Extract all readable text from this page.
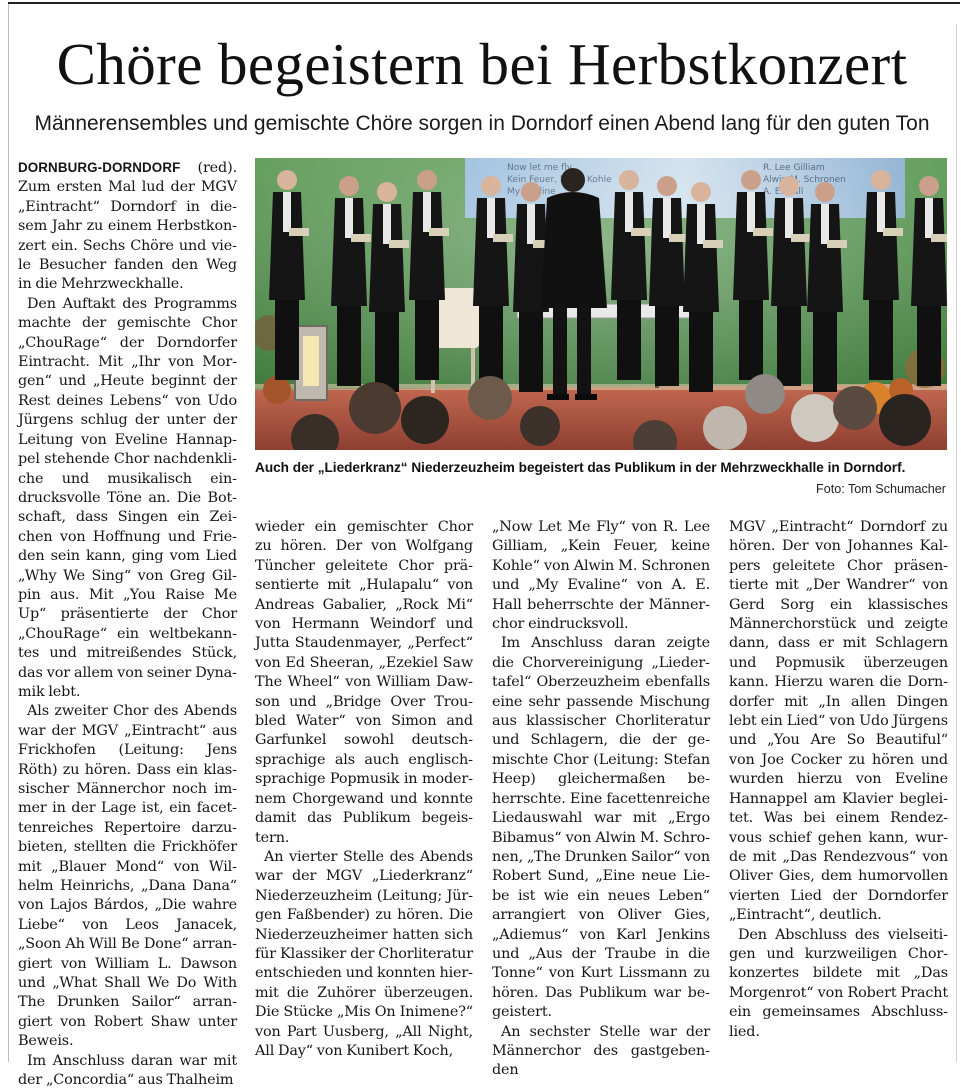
Chöre begeistern bei Herbstkonzert
Männerensembles und gemischte Chöre sorgen in Dorndorf einen Abend lang für den guten Ton

DORNBURG-DORNDORF (red). Zum ersten Mal lud der MGV „Eintracht“ Dorndorf in diesem Jahr zu einem Herbstkonzert ein. Sechs Chöre und viele Besucher fanden den Weg in die Mehrzweckhalle.

Den Auftakt des Programms machte der gemischte Chor „ChouRage“ der Dorndorfer Eintracht. Mit „Ihr von Morgen“ und „Heute beginnt der Rest deines Lebens“ von Udo Jürgens schlug der unter der Leitung von Eveline Hannappel stehende Chor nachdenkliche und musikalisch eindrucksvolle Töne an. Die Botschaft, dass Singen ein Zeichen von Hoffnung und Frieden sein kann, ging vom Lied „Why We Sing“ von Greg Gilpin aus. Mit „You Raise Me Up“ präsentierte der Chor „ChouRage“ ein weltbekanntes und mitreißendes Stück, das vor allem von seiner Dynamik lebt.

Als zweiter Chor des Abends war der MGV „Eintracht“ aus Frickhofen (Leitung: Jens Röth) zu hören. Dass ein klassischer Männerchor noch immer in der Lage ist, ein facettenreiches Repertoire darzubieten, stellten die Frickhöfer mit „Blauer Mond“ von Wilhelm Heinrichs, „Dana Dana“ von Lajos Bárdos, „Die wahre Liebe“ von Leos Janacek, „Soon Ah Will Be Done“ arrangiert von William L. Dawson und „What Shall We Do With The Drunken Sailor“ arrangiert von Robert Shaw unter Beweis.

Im Anschluss daran war mit der „Concordia“ aus Thalheim

Auch der „Liederkranz“ Niederzeuzheim begeistert das Publikum in der Mehrzweckhalle in Dorndorf.
Foto: Tom Schumacher

wieder ein gemischter Chor zu hören. Der von Wolfgang Tüncher geleitete Chor präsentierte mit „Hulapalu“ von Andreas Gabalier, „Rock Mi“ von Hermann Weindorf und Jutta Staudenmayer, „Perfect“ von Ed Sheeran, „Ezekiel Saw The Wheel“ von William Dawson und „Bridge Over Troubled Water“ von Simon and Garfunkel sowohl deutschsprachige als auch englischsprachige Popmusik in modernem Chorgewand und konnte damit das Publikum begeistern.

An vierter Stelle des Abends war der MGV „Liederkranz“ Niederzeuzheim (Leitung; Jürgen Faßbender) zu hören. Die Niederzeuzheimer hatten sich für Klassiker der Chorliteratur entschieden und konnten hiermit die Zuhörer überzeugen. Die Stücke „Mis On Inimene?“ von Part Uusberg, „All Night, All Day“ von Kunibert Koch,

„Now Let Me Fly“ von R. Lee Gilliam, „Kein Feuer, keine Kohle“ von Alwin M. Schronen und „My Evaline“ von A. E. Hall beherrschte der Männerchor eindrucksvoll.

Im Anschluss daran zeigte die Chorvereinigung „Liedertafel“ Oberzeuzheim ebenfalls eine sehr passende Mischung aus klassischer Chorliteratur und Schlagern, die der gemischte Chor (Leitung: Stefan Heep) gleichermaßen beherrschte. Eine facettenreiche Liedauswahl war mit „Ergo Bibamus“ von Alwin M. Schronen, „The Drunken Sailor“ von Robert Sund, „Eine neue Liebe ist wie ein neues Leben“ arrangiert von Oliver Gies, „Adiemus“ von Karl Jenkins und „Aus der Traube in die Tonne“ von Kurt Lissmann zu hören. Das Publikum war begeistert.

An sechster Stelle war der Männerchor des gastgebenden

MGV „Eintracht“ Dorndorf zu hören. Der von Johannes Kalpers geleitete Chor präsentierte mit „Der Wandrer“ von Gerd Sorg ein klassisches Männerchorstück und zeigte dann, dass er mit Schlagern und Popmusik überzeugen kann. Hierzu waren die Dorndorfer mit „In allen Dingen lebt ein Lied“ von Udo Jürgens und „You Are So Beautiful“ von Joe Cocker zu hören und wurden hierzu von Eveline Hannappel am Klavier begleitet. Was bei einem Rendezvous schief gehen kann, wurde mit „Das Rendezvous“ von Oliver Gies, dem humorvollen vierten Lied der Dorndorfer „Eintracht“, deutlich.

Den Abschluss des vielseitigen und kurzweiligen Chorkonzertes bildete mit „Das Morgenrot“ von Robert Pracht ein gemeinsames Abschlusslied.
